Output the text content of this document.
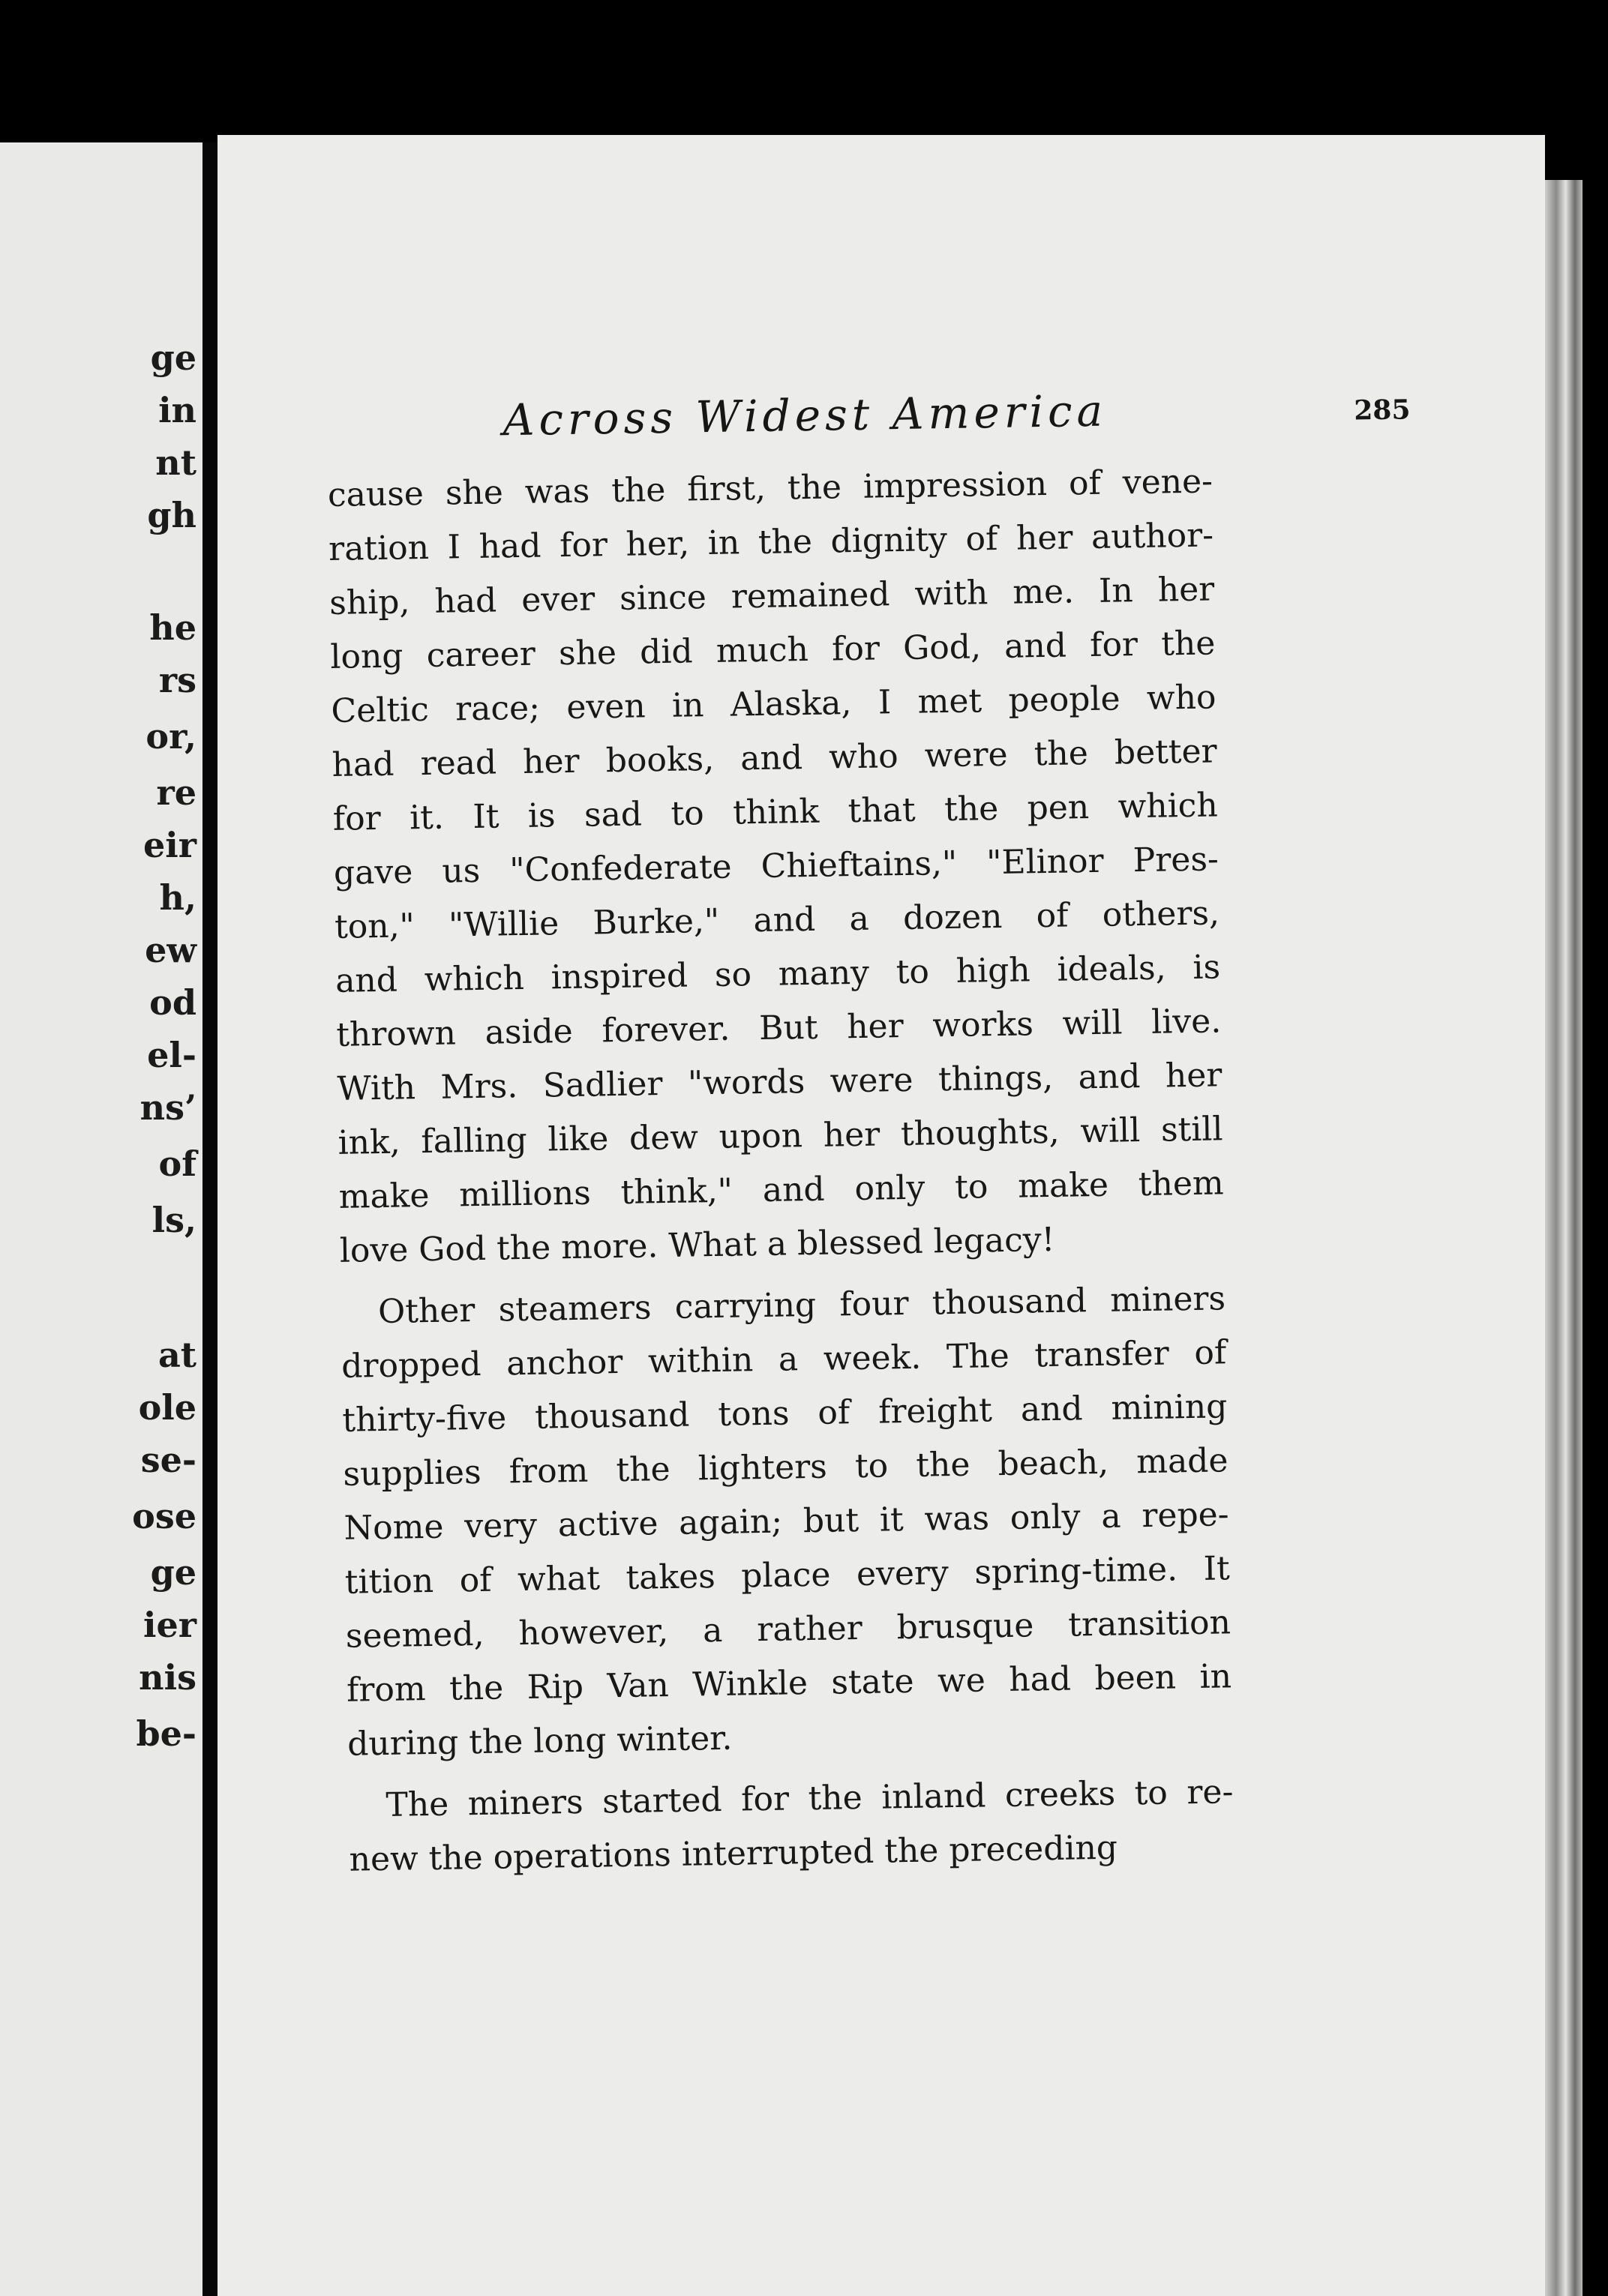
ge
in
nt
gh
he
rs
or,
re
eir
h,
ew
od
el-
ns’
of
ls,
at
ole
se-
ose
ge
ier
nis
be-
Across Widest America	285

cause she was the first, the impression of vene-
ration I had for her, in the dignity of her author-
ship, had ever since remained with me. In her
long career she did much for God, and for the
Celtic race; even in Alaska, I met people who
had read her books, and who were the better
for it. It is sad to think that the pen which
gave us "Confederate Chieftains," "Elinor Pres-
ton," "Willie Burke," and a dozen of others,
and which inspired so many to high ideals, is
thrown aside forever. But her works will live.
With Mrs. Sadlier "words were things, and her
ink, falling like dew upon her thoughts, will still
make millions think," and only to make them
love God the more. What a blessed legacy!

Other steamers carrying four thousand miners
dropped anchor within a week. The transfer of
thirty-five thousand tons of freight and mining
supplies from the lighters to the beach, made
Nome very active again; but it was only a repe-
tition of what takes place every spring-time. It
seemed, however, a rather brusque transition
from the Rip Van Winkle state we had been in
during the long winter.

The miners started for the inland creeks to re-
new the operations interrupted the preceding
